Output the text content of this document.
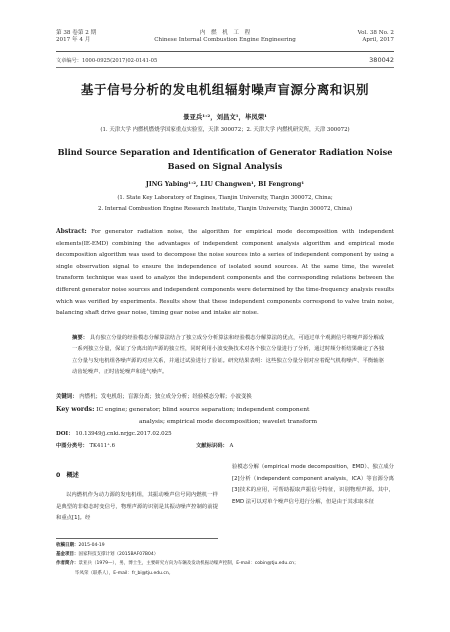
第 38 卷第 2 期
2017 年 4 月
内　燃　机　工　程
Chinese Internal Combustion Engine Engineering
Vol. 38 No. 2
April, 2017
文章编号：1000-0925(2017)02-0141-05	380042
基于信号分析的发电机组辐射噪声盲源分离和识别
景亚兵¹˒²，刘昌文¹，毕凤荣¹
(1. 天津大学 内燃机燃烧学国家重点实验室，天津 300072；2. 天津大学 内燃机研究所，天津 300072)
Blind Source Separation and Identification of Generator Radiation Noise
Based on Signal Analysis
JING Yabing¹˒², LIU Changwen¹, BI Fengrong¹
(1. State Key Laboratory of Engines, Tianjin University, Tianjin 300072, China;
2. Internal Combustion Engine Research Institute, Tianjin University, Tianjin 300072, China)
Abstract: For generator radiation noise, the algorithm for empirical mode decomposition with independent elements(IE-EMD) combining the advantages of independent component analysis algorithm and empirical mode decomposition algorithm was used to decompose the noise sources into a series of independent component by using a single observation signal to ensure the independence of isolated sound sources. At the same time, the wavelet transform technique was used to analyze the independent components and the corresponding relations between the different generator noise sources and independent components were determined by the time-frequency analysis results which was verified by experiments. Results show that these independent components correspond to valve train noise, balancing shaft drive gear noise, timing gear noise and intake air noise.
摘要： 具有独立分量的经验模态分解算法结合了独立成分分析算法和经验模态分解算法的优点，可通过单个观测信号将噪声源分解成一系列独立分量，保证了分离出的声源的独立性，同时利用小波变换技术对各个独立分量进行了分析，通过时频分析结果确定了各独立分量与发电机组各噪声源的对应关系，并通过试验进行了验证。研究结果表明：这些独立分量分别对应着配气机构噪声、平衡轴驱动齿轮噪声、正时齿轮噪声和进气噪声。
关键词： 内燃机；发电机组；盲源分离；独立成分分析；经验模态分解；小波变换
Key words: IC engine; generator; blind source separation; independent component
analysis; empirical mode decomposition; wavelet transform
DOI： 10.13949/j.cnki.nrjgc.2017.02.025
中图分类号： TK411⁺.6	文献标识码： A
0　概述
以内燃机作为动力源的发电机组，其振动噪声信号同内燃机一样是典型的非稳态时变信号，物理声源的识别是其振动噪声控制的前提和重点[1]。经
验模态分解（empirical mode decomposition，EMD）、独立成分[2]分析（independent component analysis，ICA）等盲源分离[3]技术的应用，可帮助振取声振信号特征，识别物理声源。其中，EMD 法可以对单个噪声信号进行分解，但是由于其求取本征
收稿日期：2015-04-19
基金项目：国家科技支撑计划（2015BAF07B04）
作者简介：景亚兵（1979—），男，博士生，主要研究方向为车辆及发动机振动噪声控制，E-mail：cobin@tju.edu.cn；
毕凤荣（联系人），E-mail：fr_bi@tju.edu.cn。
